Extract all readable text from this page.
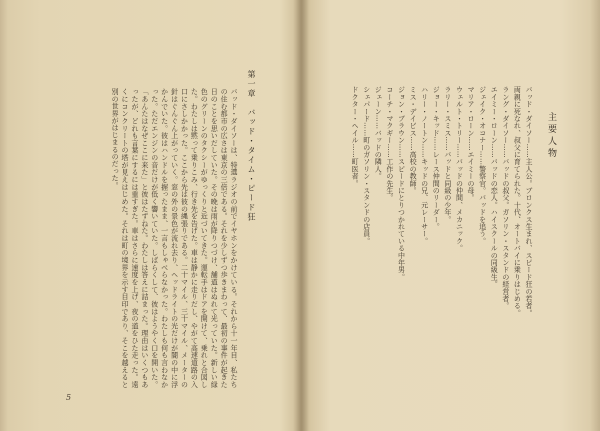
第一章　バッド・タイム・ピード狂

バッド・ダイソーは、特選ラジオの前でイヤホンをかけている。それから十一年目、私たちの住む都市の広さは東京の三倍である。それを少しずつ歩きまわって、最初の事件が起きた日のことを思いだしていた。その晩は雨が降りつづけ、舗道はぬれて光っていた。新しい緑色のグリーンのタクシーがゆっくりと近づいてきた。運転手はドアを開けて、乗れと合図した。わたしは黙って乗りこみ、行き先を告げた。車は静かに走りだし、やがて高速道路の入口にさしかかった。ここから先は彼の縄張りである。二十マイル、三十マイル、メーターの針はぐんぐん上がっていく。窓の外の景色が流れ去り、ヘッドライトの光だけが闇の中に浮かんでいた。彼はハンドルを握ったまま、一言もしゃべらなかった。わたしも何も言わなかった。ただエンジンの音だけが低く響いていた。しばらくして、彼はようやく口を開いた。「あんたはなぜここに来た」と彼はたずねた。わたしは答えに詰まった。理由はいくつもあったが、どれも言葉にするには重すぎた。車はさらに速度を上げ、夜の道をひた走った。遠くにコンクリートの塔が見えはじめた。それは町の境界を示す目印であり、そこを越えると別の世界がはじまるのだった。

5
主要人物
バッド・ダイソー……主人公。ブロンクス生まれ、スピード狂の若者。
両親に死なれ、叔父に育てられた。十代、オートバイに乗りはじめる。
ラング・ダイソー……バッドの叔父。ガソリン・スタンドの経営者。
エイミー・ローン……バッドの恋人。ハイスクールの同級生。
ジェイク・オコナー……警察官。バッドを追う。
マリア・ローン……エイミーの母。
ウェルト・トリー……バッドの仲間、メカニック。
ラリー・スミス……バッドと同級の少年。
ジョー・キッド……レース仲間のリーダー。
ハリー・ノートン……キッドの兄、元レーサー。
ミス・デイビス……高校の教師。
ジョン・ブラウン……スピードにとりつかれている中年男。
コーチ・マクギー……工作の先生。
ジェーン……バッドの隣人。
シェパード……町のガソリン・スタンドの店員。
ドクター・ヘイル……町医者。
